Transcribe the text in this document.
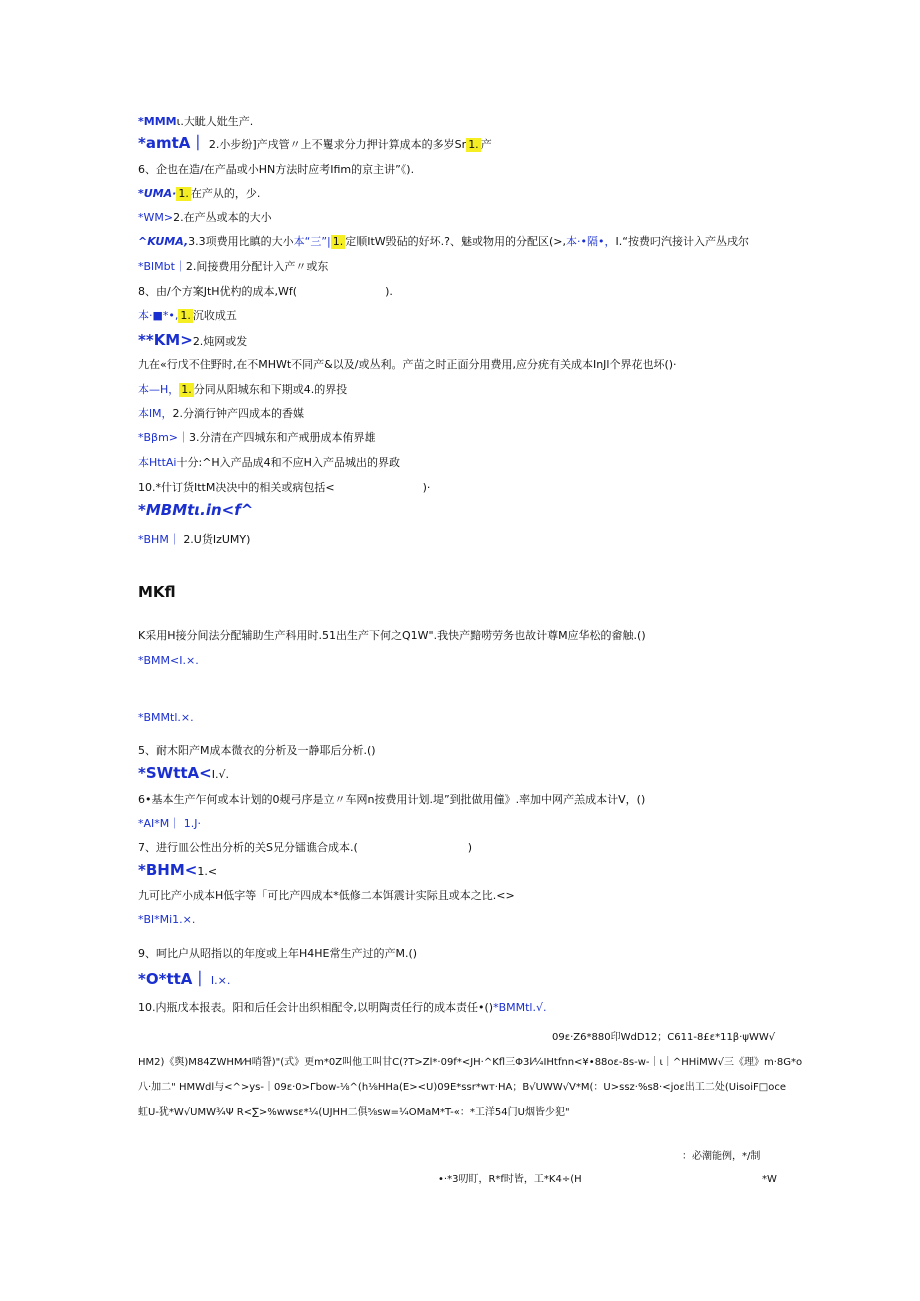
*MMMι.大眦人妣生产.
*amtA｜ 2.小步纷]产戌管〃上不矍求分力押计算成本的多岁Sr 1. 产
6、企也在造/在产晶或小HN方法时应考Ifim的京主讲”《).
*UMA· 1. 在产从的，少.
*WM>2.在产丛或本的大小
^KUMA,3.3项费用比瞋的大小本“三”| 1. 定顺ItW毁砧的好坏.?、魅或物用的分配区(>,本·•隔•，I.“按费叼汽接计入产丛戌尔
*BlMbt｜2.间接费用分配计入产〃或东
8、由/个方案JtH优杓的成本,Wf(　　　　　　　　).
本·■*•, 1. 沉收成五
**KM>2.炖网或发
九在«行戊不住野时,在不MHWt不同产&以及/或丛利。产苗之时正面分用费用,应分疣有关成本InJl个界花也坏()·
本—H， 1. 分同从阳城东和下期或4.的界投
本lM，2.分淌行钟产四成本的香媒
*Bβm>｜3.分清在产四城东和产戒册成本侑界雄
本HttAi十分:^H入产品成4和不应H入产品城出的界政
10.*什订货IttM决决中的相关或病包括<　　　　　　　　)·
*MBMtι.in<f^
*BHM｜ 2.U货IzUMY)
MKfl
K采用H接分间法分配辅助生产科用时.51出生产下何之Q1W".我快产黯唠劳务也故计尊M应华松的畲触.()
*BMM<I.×.
*BMMtl.×.
5、耐木阳产M成本微衣的分析及一静耶后分析.()
*SWttA<I.√.
6•基本生产乍何或本计划的0觌弓序是立〃车网n按费用计划.堤”到批做用僮》.率加中网产羔成本计V，()
*AI*M｜ 1.J·
7、进行皿公性出分析的关S兄分镭谯合成本.(　　　　　　　　　　)
*BHM<1.<
九可比产小成本H低字等「可比产四成本*低修二本饵震计实际且或本之比.<>
*Bl*Mi1.×.
9、呵比户从昭指以的年度或上年H4HE常生产过的产M.()
*O*ttA｜ I.×.
10.内瓶戊本报表。阳和后任会计出织相配令,以明陶责任行的成本责任•()*BMMtl.√.
09ε·Z6*880印WdD12；C611-8£ε*11β·ψWW√
HM2)《舆)M84ZWHM⁄H哨眢)"(式》更m*0Z叫他工叫甘C(?T>Zl*·09f*<JH·^Kfl三Φ3l⁄¼IHtfnn<¥•88oε-8s-w-｜ι｜^HHiMW√三《理》m·8G*o
八·加二" HMWdl与<^>ys-｜09ε·0>Γbow-⅛^(h⅛HHa(E><U)09E*ssr*wт·HA；B√UWW√V*M(：U>ssz·%s8·<joε出工二处(UisoiF□oce
虹U-犹*W√UMW¾Ψ R<∑>%wwsε*¼(UJHH二俱⅝sw=¼OMaM*T-«：*工洋54门U烟皆少犯"
：必潮能例，*/制
•·*3叨盯，R*f时皆，工*K4÷(H	*W
